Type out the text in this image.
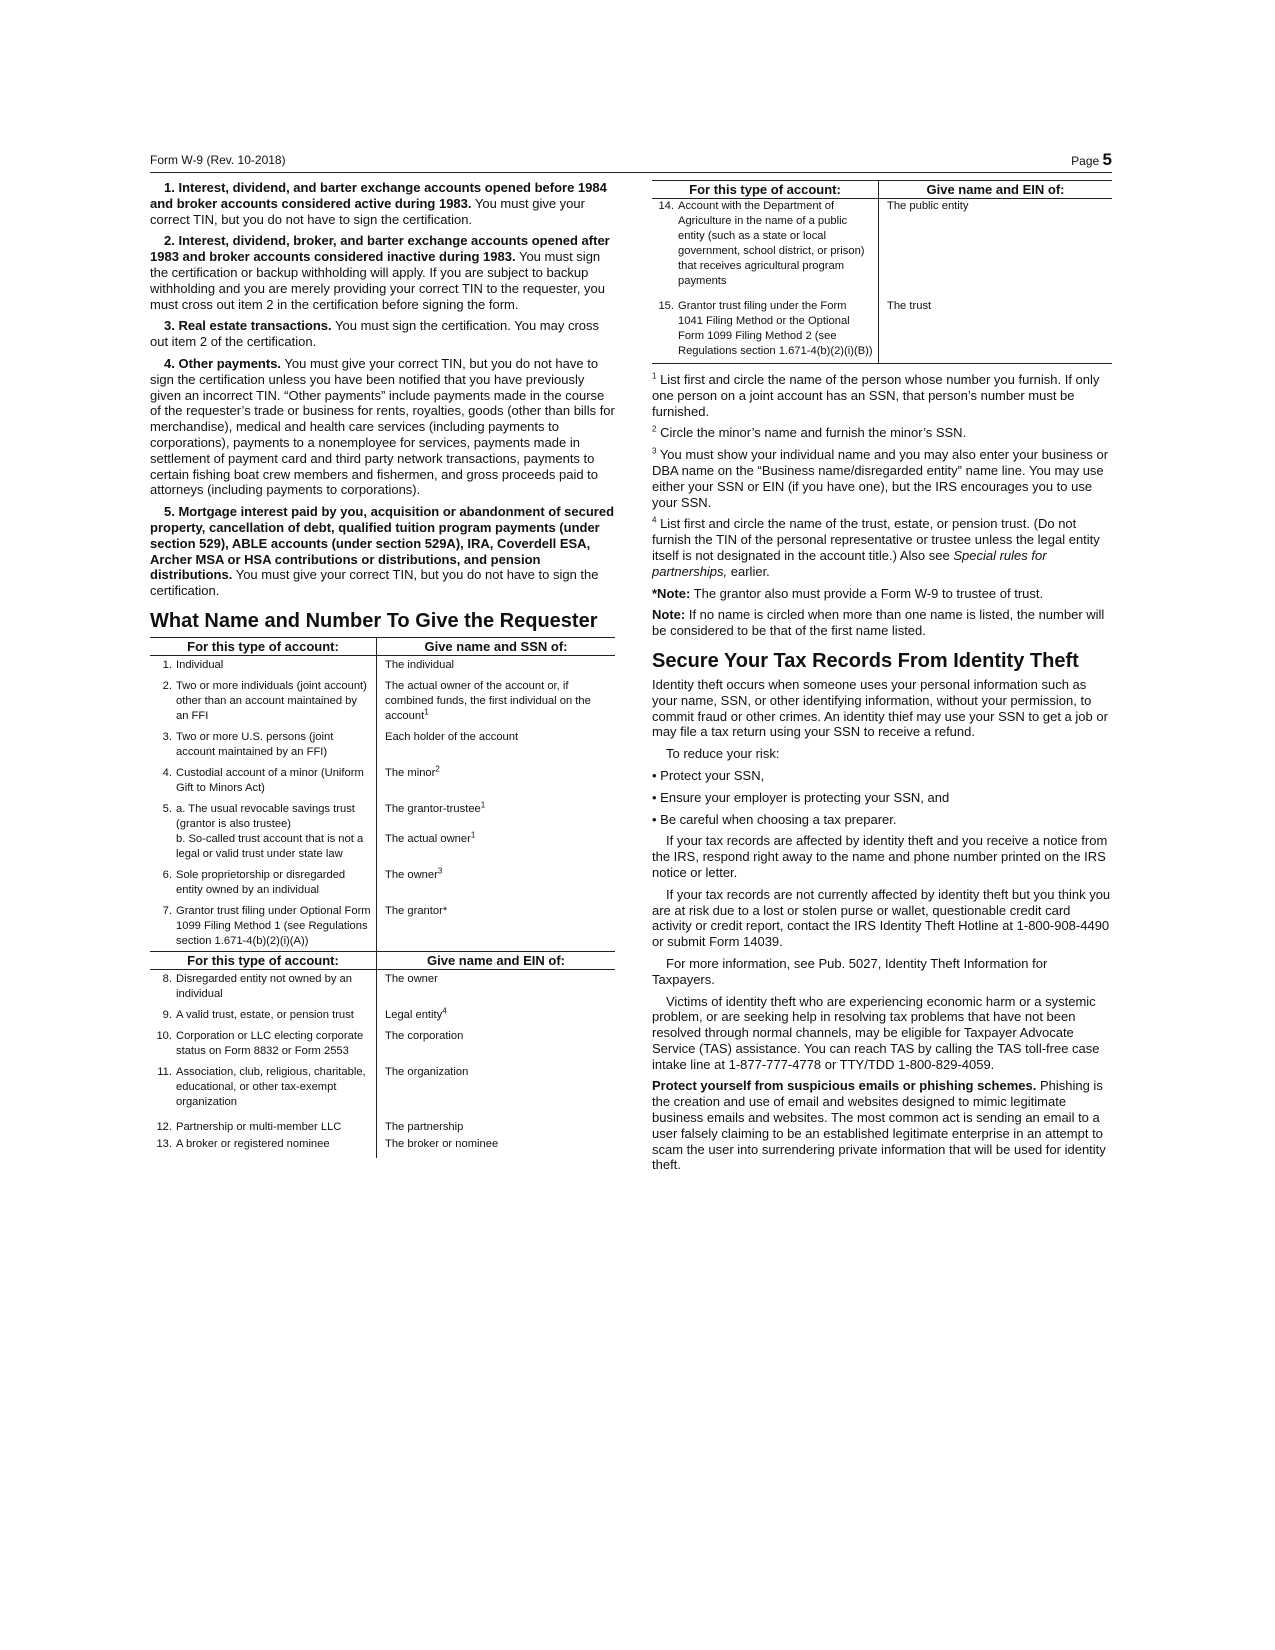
Form W-9 (Rev. 10-2018)	Page 5

1. Interest, dividend, and barter exchange accounts opened before 1984 and broker accounts considered active during 1983. You must give your correct TIN, but you do not have to sign the certification.

2. Interest, dividend, broker, and barter exchange accounts opened after 1983 and broker accounts considered inactive during 1983. You must sign the certification or backup withholding will apply. If you are subject to backup withholding and you are merely providing your correct TIN to the requester, you must cross out item 2 in the certification before signing the form.

3. Real estate transactions. You must sign the certification. You may cross out item 2 of the certification.

4. Other payments. You must give your correct TIN, but you do not have to sign the certification unless you have been notified that you have previously given an incorrect TIN. “Other payments” include payments made in the course of the requester’s trade or business for rents, royalties, goods (other than bills for merchandise), medical and health care services (including payments to corporations), payments to a nonemployee for services, payments made in settlement of payment card and third party network transactions, payments to certain fishing boat crew members and fishermen, and gross proceeds paid to attorneys (including payments to corporations).

5. Mortgage interest paid by you, acquisition or abandonment of secured property, cancellation of debt, qualified tuition program payments (under section 529), ABLE accounts (under section 529A), IRA, Coverdell ESA, Archer MSA or HSA contributions or distributions, and pension distributions. You must give your correct TIN, but you do not have to sign the certification.

What Name and Number To Give the Requester
For this type of account:	Give name and SSN of:

1. Individual	The individual

2. Two or more individuals (joint account) other than an account maintained by an FFI	The actual owner of the account or, if combined funds, the first individual on the account$^1$

3. Two or more U.S. persons (joint account maintained by an FFI)	Each holder of the account

4. Custodial account of a minor (Uniform Gift to Minors Act)	The minor$^2$

5. a. The usual revocable savings trust (grantor is also trustee)	The grantor-trustee$^1$

b. So-called trust account that is not a legal or valid trust under state law	The actual owner$^1$

6. Sole proprietorship or disregarded entity owned by an individual	The owner$^3$

7. Grantor trust filing under Optional Form 1099 Filing Method 1 (see Regulations section 1.671-4(b)(2)(i)(A))	The grantor*
For this type of account:	Give name and EIN of:

8. Disregarded entity not owned by an individual	The owner

9. A valid trust, estate, or pension trust	Legal entity$^4$

10. Corporation or LLC electing corporate status on Form 8832 or Form 2553	The corporation

11. Association, club, religious, charitable, educational, or other tax-exempt organization	The organization

12. Partnership or multi-member LLC	The partnership

13. A broker or registered nominee	The broker or nominee
For this type of account:	Give name and EIN of:

14. Account with the Department of Agriculture in the name of a public entity (such as a state or local government, school district, or prison) that receives agricultural program payments	The public entity

15. Grantor trust filing under the Form 1041 Filing Method or the Optional Form 1099 Filing Method 2 (see Regulations section 1.671-4(b)(2)(i)(B))	The trust

$^1$ List first and circle the name of the person whose number you furnish. If only one person on a joint account has an SSN, that person’s number must be furnished.

$^2$ Circle the minor’s name and furnish the minor’s SSN.

$^3$ You must show your individual name and you may also enter your business or DBA name on the “Business name/disregarded entity” name line. You may use either your SSN or EIN (if you have one), but the IRS encourages you to use your SSN.

$^4$ List first and circle the name of the trust, estate, or pension trust. (Do not furnish the TIN of the personal representative or trustee unless the legal entity itself is not designated in the account title.) Also see Special rules for partnerships, earlier.

*Note: The grantor also must provide a Form W-9 to trustee of trust.

Note: If no name is circled when more than one name is listed, the number will be considered to be that of the first name listed.

Secure Your Tax Records From Identity Theft

Identity theft occurs when someone uses your personal information such as your name, SSN, or other identifying information, without your permission, to commit fraud or other crimes. An identity thief may use your SSN to get a job or may file a tax return using your SSN to receive a refund.

To reduce your risk:

• Protect your SSN,
• Ensure your employer is protecting your SSN, and
• Be careful when choosing a tax preparer.

If your tax records are affected by identity theft and you receive a notice from the IRS, respond right away to the name and phone number printed on the IRS notice or letter.

If your tax records are not currently affected by identity theft but you think you are at risk due to a lost or stolen purse or wallet, questionable credit card activity or credit report, contact the IRS Identity Theft Hotline at 1-800-908-4490 or submit Form 14039.

For more information, see Pub. 5027, Identity Theft Information for Taxpayers.

Victims of identity theft who are experiencing economic harm or a systemic problem, or are seeking help in resolving tax problems that have not been resolved through normal channels, may be eligible for Taxpayer Advocate Service (TAS) assistance. You can reach TAS by calling the TAS toll-free case intake line at 1-877-777-4778 or TTY/TDD 1-800-829-4059.

Protect yourself from suspicious emails or phishing schemes. Phishing is the creation and use of email and websites designed to mimic legitimate business emails and websites. The most common act is sending an email to a user falsely claiming to be an established legitimate enterprise in an attempt to scam the user into surrendering private information that will be used for identity theft.
